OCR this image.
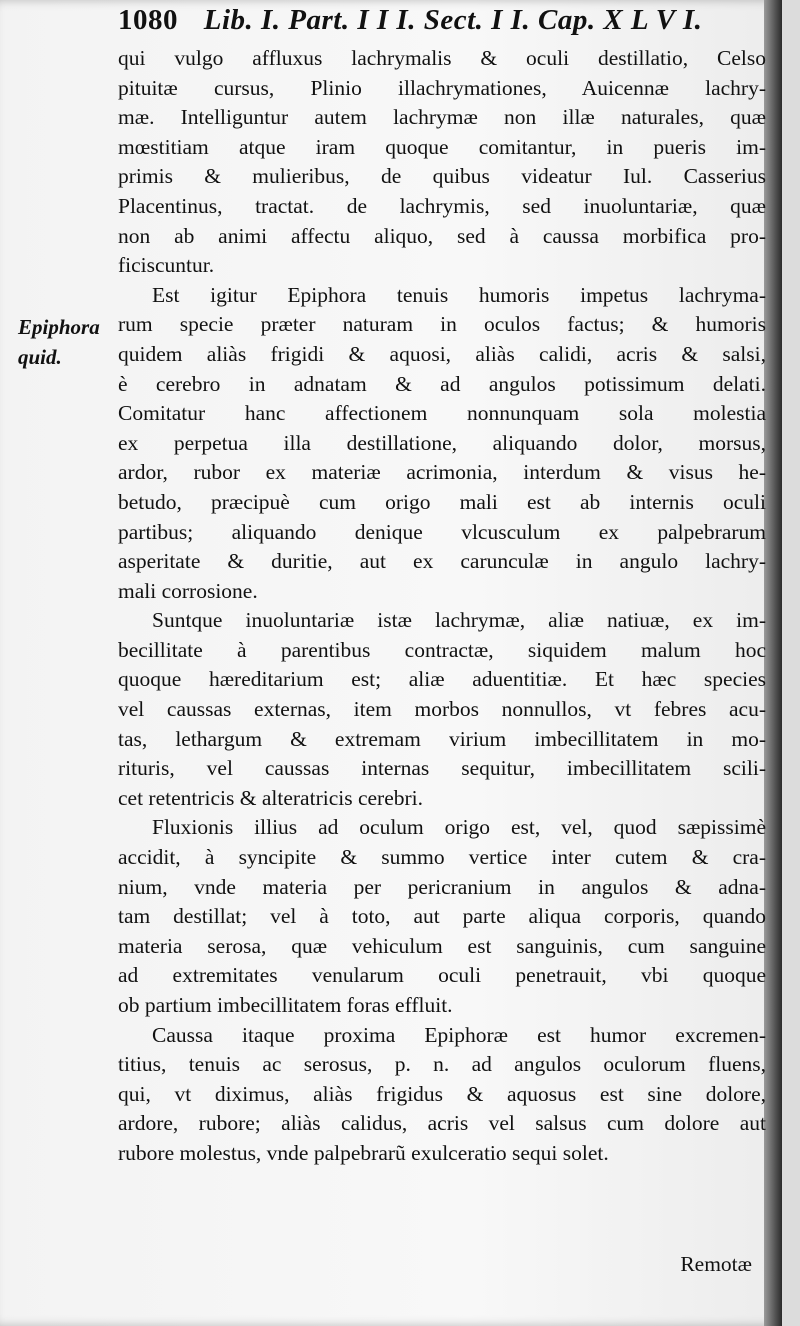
1080 Lib. I. Part. I I I. Sect. I I. Cap. X L V I.
Epiphora
quid.
qui vulgo affluxus lachrymalis & oculi destillatio, Celso
pituitæ cursus, Plinio illachrymationes, Auicennæ lachry-
mæ. Intelliguntur autem lachrymæ non illæ naturales, quæ
mœstitiam atque iram quoque comitantur, in pueris im-
primis & mulieribus, de quibus videatur Iul. Casserius
Placentinus, tractat. de lachrymis, sed inuoluntariæ, quæ
non ab animi affectu aliquo, sed à caussa morbifica pro-
ficiscuntur.
Est igitur Epiphora tenuis humoris impetus lachryma-
rum specie præter naturam in oculos factus; & humoris
quidem aliàs frigidi & aquosi, aliàs calidi, acris & salsi,
è cerebro in adnatam & ad angulos potissimum delati.
Comitatur hanc affectionem nonnunquam sola molestia
ex perpetua illa destillatione, aliquando dolor, morsus,
ardor, rubor ex materiæ acrimonia, interdum & visus he-
betudo, præcipuè cum origo mali est ab internis oculi
partibus; aliquando denique vlcusculum ex palpebrarum
asperitate & duritie, aut ex carunculæ in angulo lachry-
mali corrosione.
Suntque inuoluntariæ istæ lachrymæ, aliæ natiuæ, ex im-
becillitate à parentibus contractæ, siquidem malum hoc
quoque hæreditarium est; aliæ aduentitiæ. Et hæc species
vel caussas externas, item morbos nonnullos, vt febres acu-
tas, lethargum & extremam virium imbecillitatem in mo-
rituris, vel caussas internas sequitur, imbecillitatem scili-
cet retentricis & alteratricis cerebri.
Fluxionis illius ad oculum origo est, vel, quod sæpissimè
accidit, à syncipite & summo vertice inter cutem & cra-
nium, vnde materia per pericranium in angulos & adna-
tam destillat; vel à toto, aut parte aliqua corporis, quando
materia serosa, quæ vehiculum est sanguinis, cum sanguine
ad extremitates venularum oculi penetrauit, vbi quoque
ob partium imbecillitatem foras effluit.
Caussa itaque proxima Epiphoræ est humor excremen-
titius, tenuis ac serosus, p. n. ad angulos oculorum fluens,
qui, vt diximus, aliàs frigidus & aquosus est sine dolore,
ardore, rubore; aliàs calidus, acris vel salsus cum dolore aut
rubore molestus, vnde palpebrarũ exulceratio sequi solet.
Remotæ
